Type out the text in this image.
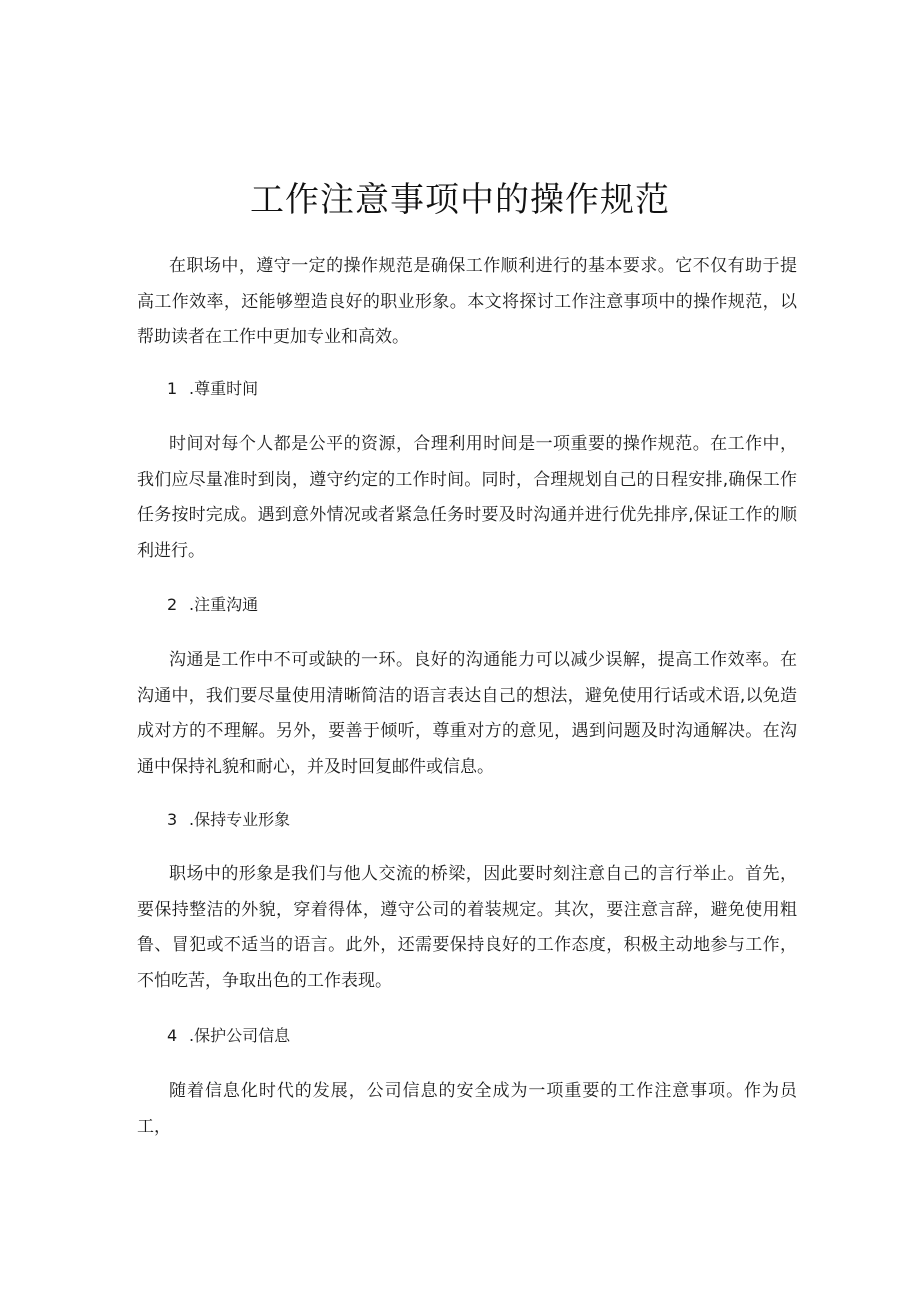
工作注意事项中的操作规范

在职场中，遵守一定的操作规范是确保工作顺利进行的基本要求。它不仅有助于提高工作效率，还能够塑造良好的职业形象。本文将探讨工作注意事项中的操作规范，以帮助读者在工作中更加专业和高效。

1 .尊重时间

时间对每个人都是公平的资源，合理利用时间是一项重要的操作规范。在工作中，我们应尽量准时到岗，遵守约定的工作时间。同时，合理规划自己的日程安排,确保工作任务按时完成。遇到意外情况或者紧急任务时要及时沟通并进行优先排序,保证工作的顺利进行。

2 .注重沟通

沟通是工作中不可或缺的一环。良好的沟通能力可以减少误解，提高工作效率。在沟通中，我们要尽量使用清晰简洁的语言表达自己的想法，避免使用行话或术语,以免造成对方的不理解。另外，要善于倾听，尊重对方的意见，遇到问题及时沟通解决。在沟通中保持礼貌和耐心，并及时回复邮件或信息。

3 .保持专业形象

职场中的形象是我们与他人交流的桥梁，因此要时刻注意自己的言行举止。首先，要保持整洁的外貌，穿着得体，遵守公司的着装规定。其次，要注意言辞，避免使用粗鲁、冒犯或不适当的语言。此外，还需要保持良好的工作态度，积极主动地参与工作，不怕吃苦，争取出色的工作表现。

4 .保护公司信息

随着信息化时代的发展，公司信息的安全成为一项重要的工作注意事项。作为员工，
